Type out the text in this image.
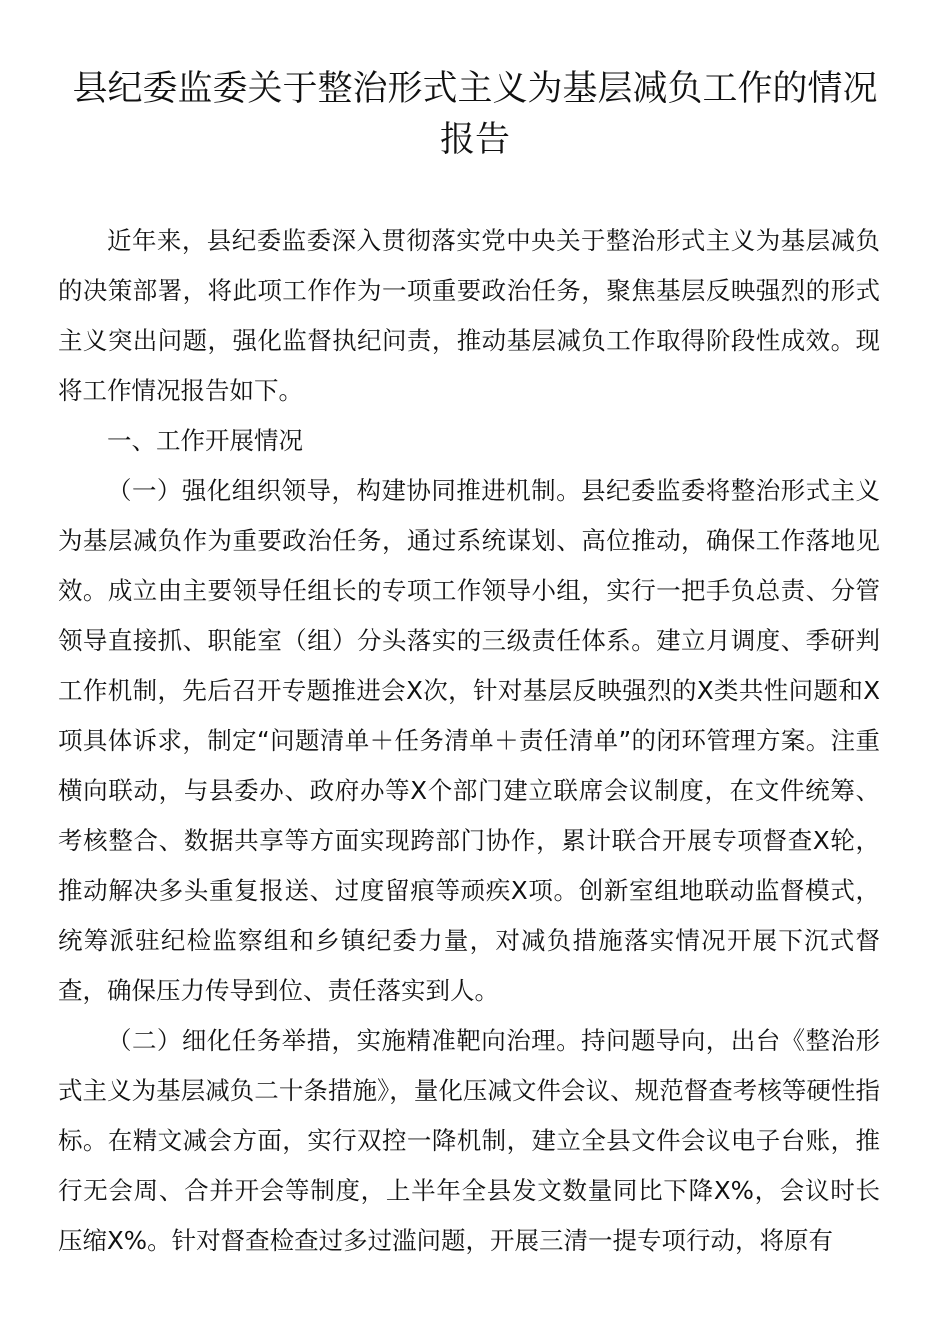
县纪委监委关于整治形式主义为基层减负工作的情况报告

近年来，县纪委监委深入贯彻落实党中央关于整治形式主义为基层减负的决策部署，将此项工作作为一项重要政治任务，聚焦基层反映强烈的形式主义突出问题，强化监督执纪问责，推动基层减负工作取得阶段性成效。现将工作情况报告如下。

一、工作开展情况

（一）强化组织领导，构建协同推进机制。县纪委监委将整治形式主义为基层减负作为重要政治任务，通过系统谋划、高位推动，确保工作落地见效。成立由主要领导任组长的专项工作领导小组，实行一把手负总责、分管领导直接抓、职能室（组）分头落实的三级责任体系。建立月调度、季研判工作机制，先后召开专题推进会X次，针对基层反映强烈的X类共性问题和X项具体诉求，制定“问题清单＋任务清单＋责任清单”的闭环管理方案。注重横向联动，与县委办、政府办等X个部门建立联席会议制度，在文件统筹、考核整合、数据共享等方面实现跨部门协作，累计联合开展专项督查X轮，推动解决多头重复报送、过度留痕等顽疾X项。创新室组地联动监督模式，统筹派驻纪检监察组和乡镇纪委力量，对减负措施落实情况开展下沉式督查，确保压力传导到位、责任落实到人。

（二）细化任务举措，实施精准靶向治理。持问题导向，出台《整治形式主义为基层减负二十条措施》，量化压减文件会议、规范督查考核等硬性指标。在精文减会方面，实行双控一降机制，建立全县文件会议电子台账，推行无会周、合并开会等制度，上半年全县发文数量同比下降X%，会议时长压缩X%。针对督查检查过多过滥问题，开展三清一提专项行动，将原有
